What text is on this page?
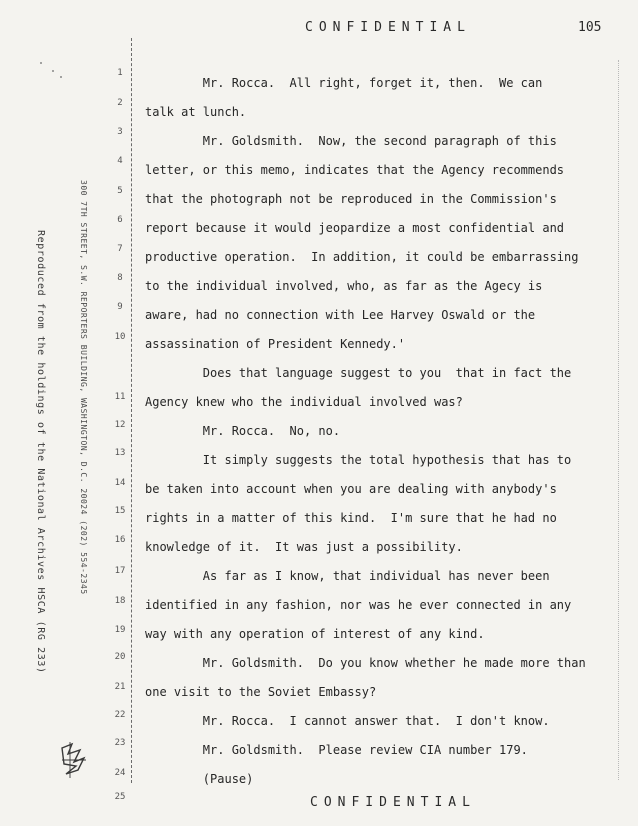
CONFIDENTIAL	105
Reproduced from the holdings of the National Archives HSCA (RG 233)	300 7TH STREET, S.W. REPORTERS BUILDING, WASHINGTON, D.C. 20024 (202) 554-2345
1
2
3
4
5
6
7
8
9
10
11
12
13
14
15
16
17
18
19
20
21
22
23
24
25
Mr. Rocca.  All right, forget it, then.  We can
talk at lunch.
Mr. Goldsmith.  Now, the second paragraph of this
letter, or this memo, indicates that the Agency recommends
that the photograph not be reproduced in the Commission's
report because it would jeopardize a most confidential and
productive operation.  In addition, it could be embarrassing
to the individual involved, who, as far as the Agecy is
aware, had no connection with Lee Harvey Oswald or the
assassination of President Kennedy.'
Does that language suggest to you  that in fact the
Agency knew who the individual involved was?
Mr. Rocca.  No, no.
It simply suggests the total hypothesis that has to
be taken into account when you are dealing with anybody's
rights in a matter of this kind.  I'm sure that he had no
knowledge of it.  It was just a possibility.
As far as I know, that individual has never been
identified in any fashion, nor was he ever connected in any
way with any operation of interest of any kind.
Mr. Goldsmith.  Do you know whether he made more than
one visit to the Soviet Embassy?
Mr. Rocca.  I cannot answer that.  I don't know.
Mr. Goldsmith.  Please review CIA number 179.
(Pause)
CONFIDENTIAL
